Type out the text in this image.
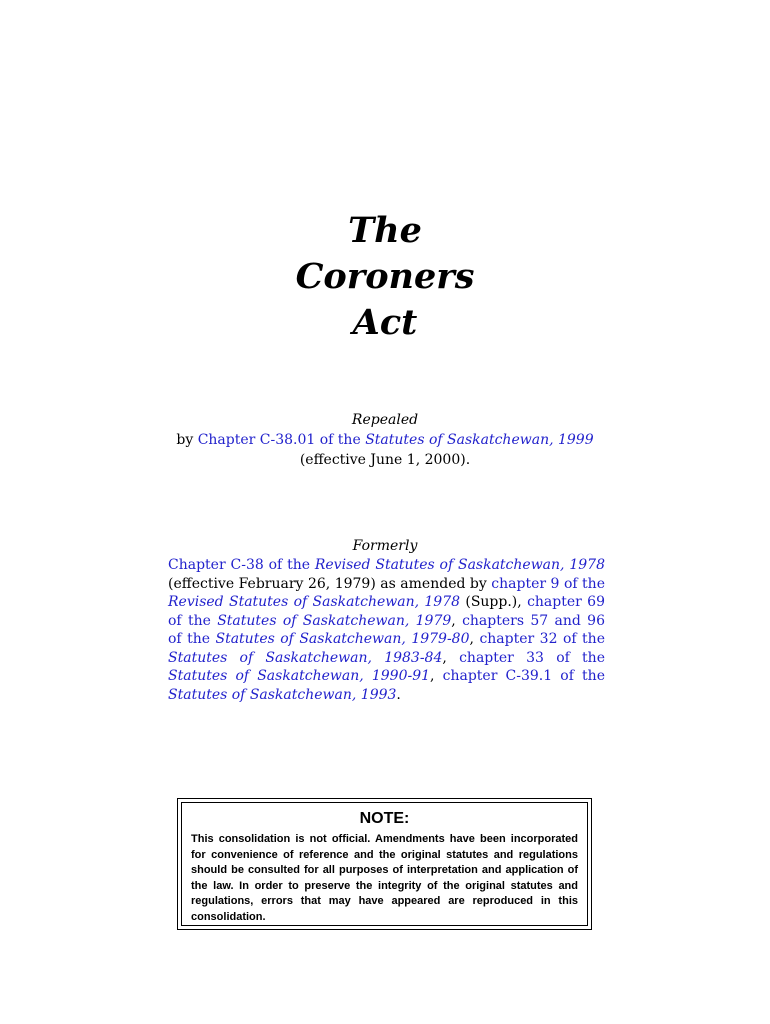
The
Coroners
Act
Repealed
by Chapter C-38.01 of the Statutes of Saskatchewan, 1999
(effective June 1, 2000).
Formerly
Chapter C-38 of the Revised Statutes of Saskatchewan, 1978 (effective February 26, 1979) as amended by chapter 9 of the Revised Statutes of Saskatchewan, 1978 (Supp.), chapter 69 of the Statutes of Saskatchewan, 1979, chapters 57 and 96 of the Statutes of Saskatchewan, 1979-80, chapter 32 of the Statutes of Saskatchewan, 1983-84, chapter 33 of the Statutes of Saskatchewan, 1990-91, chapter C-39.1 of the Statutes of Saskatchewan, 1993.
NOTE:
This consolidation is not official. Amendments have been incorporated for convenience of reference and the original statutes and regulations should be consulted for all purposes of interpretation and application of the law. In order to preserve the integrity of the original statutes and regulations, errors that may have appeared are reproduced in this consolidation.
